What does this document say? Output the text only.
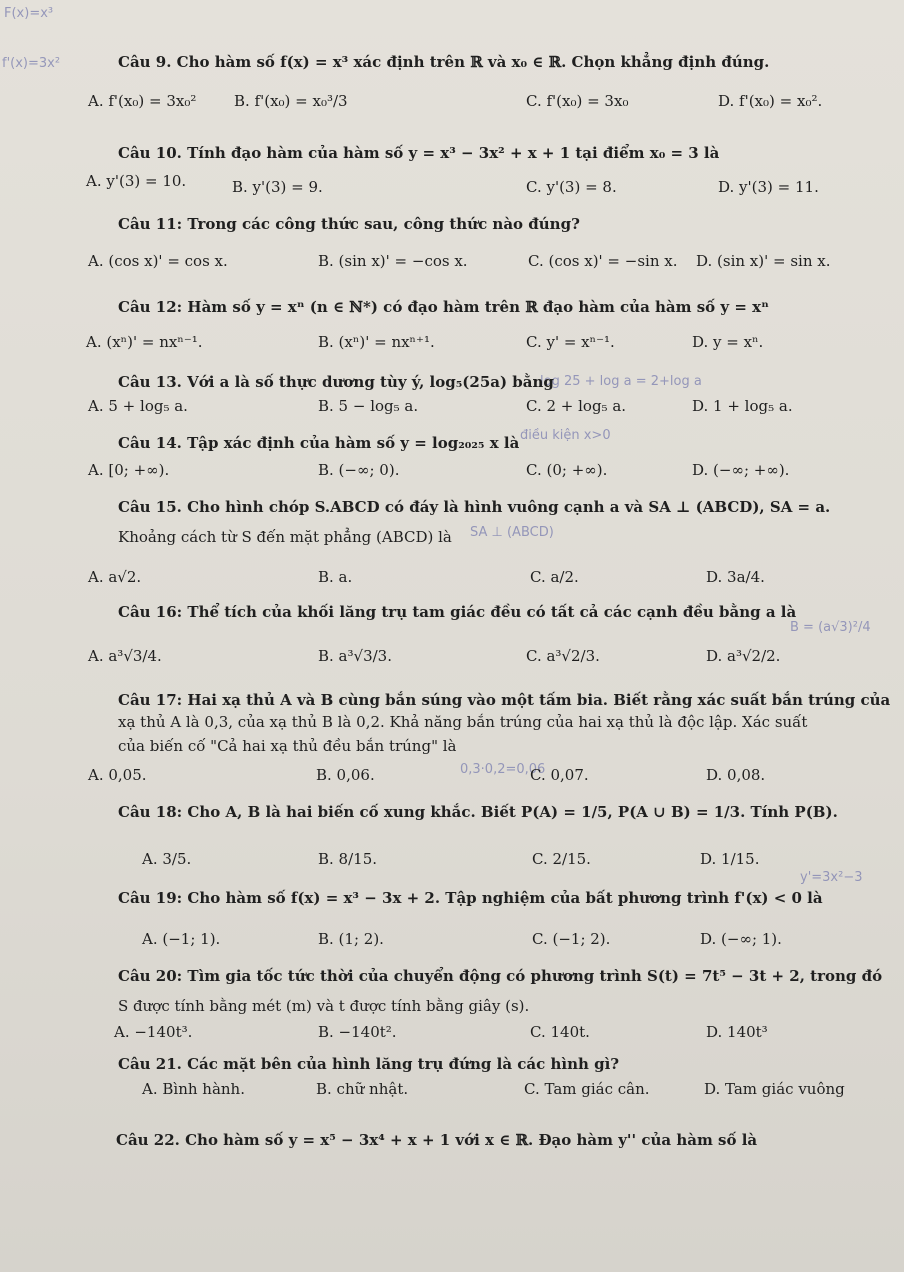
F(x)=x³
f'(x)=3x²
log 25 + log a = 2+log a
điều kiện x>0
SA ⊥ (ABCD)
0,3·0,2=0,06
y'=3x²−3
B = (a√3)²/4
Câu 9. Cho hàm số f(x) = x³ xác định trên ℝ và x₀ ∈ ℝ. Chọn khẳng định đúng.
A. f'(x₀) = 3x₀²	B. f'(x₀) = x₀³/3	C. f'(x₀) = 3x₀	D. f'(x₀) = x₀².
Câu 10. Tính đạo hàm của hàm số y = x³ − 3x² + x + 1 tại điểm x₀ = 3 là
A. y'(3) = 10.	B. y'(3) = 9.	C. y'(3) = 8.	D. y'(3) = 11.
Câu 11: Trong các công thức sau, công thức nào đúng?
A. (cos x)' = cos x.	B. (sin x)' = −cos x.	C. (cos x)' = −sin x. D. (sin x)' = sin x.
Câu 12: Hàm số y = xⁿ (n ∈ ℕ*) có đạo hàm trên ℝ đạo hàm của hàm số y = xⁿ
A. (xⁿ)' = nxⁿ⁻¹.	B. (xⁿ)' = nxⁿ⁺¹.	C. y' = xⁿ⁻¹.	D. y = xⁿ.
Câu 13. Với a là số thực dương tùy ý, log₅(25a) bằng
A. 5 + log₅ a.	B. 5 − log₅ a.	C. 2 + log₅ a.	D. 1 + log₅ a.
Câu 14. Tập xác định của hàm số y = log₂₀₂₅ x là
A. [0; +∞).	B. (−∞; 0).	C. (0; +∞).	D. (−∞; +∞).
Câu 15. Cho hình chóp S.ABCD có đáy là hình vuông cạnh a và SA ⊥ (ABCD), SA = a.
Khoảng cách từ S đến mặt phẳng (ABCD) là
A. a√2.	B. a.	C. a/2.	D. 3a/4.
Câu 16: Thể tích của khối lăng trụ tam giác đều có tất cả các cạnh đều bằng a là
A. a³√3/4.	B. a³√3/3.	C. a³√2/3.	D. a³√2/2.
Câu 17: Hai xạ thủ A và B cùng bắn súng vào một tấm bia. Biết rằng xác suất bắn trúng của
xạ thủ A là 0,3, của xạ thủ B là 0,2. Khả năng bắn trúng của hai xạ thủ là độc lập. Xác suất
của biến cố "Cả hai xạ thủ đều bắn trúng" là
A. 0,05.	B. 0,06.	C. 0,07.	D. 0,08.
Câu 18: Cho A, B là hai biến cố xung khắc. Biết P(A) = 1/5, P(A ∪ B) = 1/3. Tính P(B).
A. 3/5.	B. 8/15.	C. 2/15.	D. 1/15.
Câu 19: Cho hàm số f(x) = x³ − 3x + 2. Tập nghiệm của bất phương trình f'(x) < 0 là
A. (−1; 1).	B. (1; 2).	C. (−1; 2).	D. (−∞; 1).
Câu 20: Tìm gia tốc tức thời của chuyển động có phương trình S(t) = 7t⁵ − 3t + 2, trong đó
S được tính bằng mét (m) và t được tính bằng giây (s).
A. −140t³.	B. −140t².	C. 140t.	D. 140t³
Câu 21. Các mặt bên của hình lăng trụ đứng là các hình gì?
A. Bình hành.	B. chữ nhật.	C. Tam giác cân.	D. Tam giác vuông
Câu 22. Cho hàm số y = x⁵ − 3x⁴ + x + 1 với x ∈ ℝ. Đạo hàm y'' của hàm số là
